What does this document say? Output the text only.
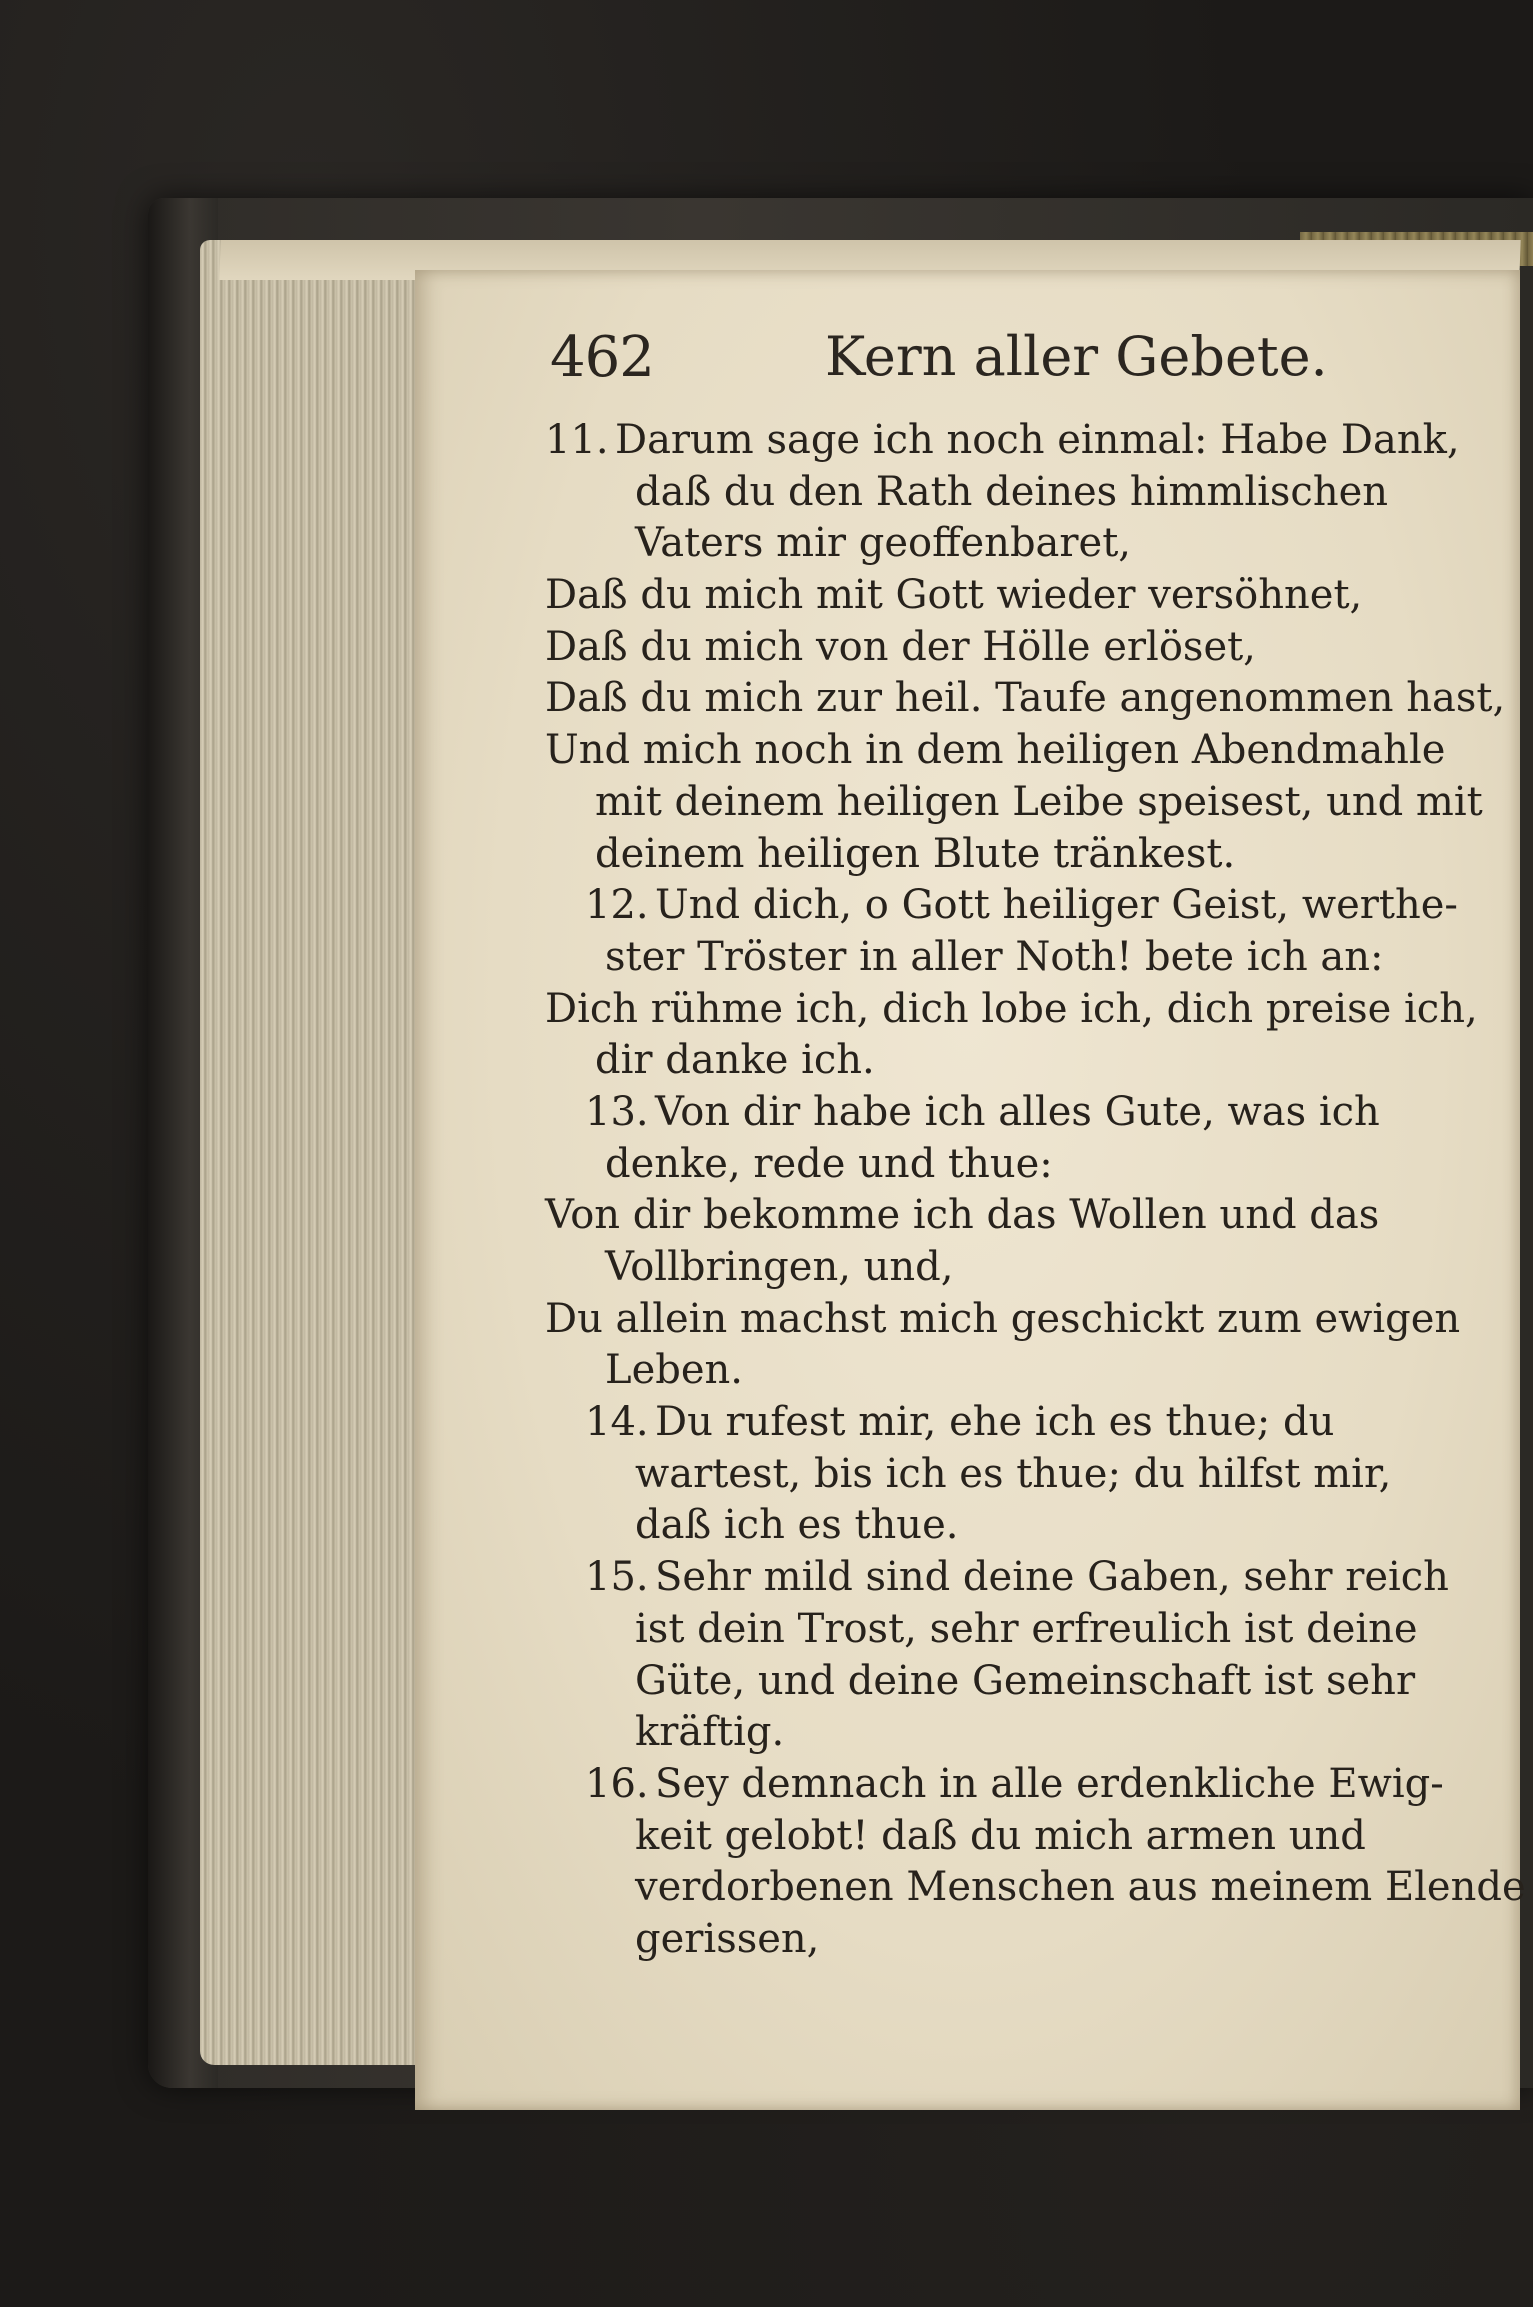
462	Kern aller Gebete.
11. Darum sage ich noch einmal: Habe Dank,
daß du den Rath deines himmlischen
Vaters mir geoffenbaret,
Daß du mich mit Gott wieder versöhnet,
Daß du mich von der Hölle erlöset,
Daß du mich zur heil. Taufe angenommen hast,
Und mich noch in dem heiligen Abendmahle
mit deinem heiligen Leibe speisest, und mit
deinem heiligen Blute tränkest.
12. Und dich, o Gott heiliger Geist, werthe-
ster Tröster in aller Noth! bete ich an:
Dich rühme ich, dich lobe ich, dich preise ich,
dir danke ich.
13. Von dir habe ich alles Gute, was ich
denke, rede und thue:
Von dir bekomme ich das Wollen und das
Vollbringen, und,
Du allein machst mich geschickt zum ewigen
Leben.
14. Du rufest mir, ehe ich es thue; du
wartest, bis ich es thue; du hilfst mir,
daß ich es thue.
15. Sehr mild sind deine Gaben, sehr reich
ist dein Trost, sehr erfreulich ist deine
Güte, und deine Gemeinschaft ist sehr
kräftig.
16. Sey demnach in alle erdenkliche Ewig-
keit gelobt! daß du mich armen und
verdorbenen Menschen aus meinem Elende
gerissen,
